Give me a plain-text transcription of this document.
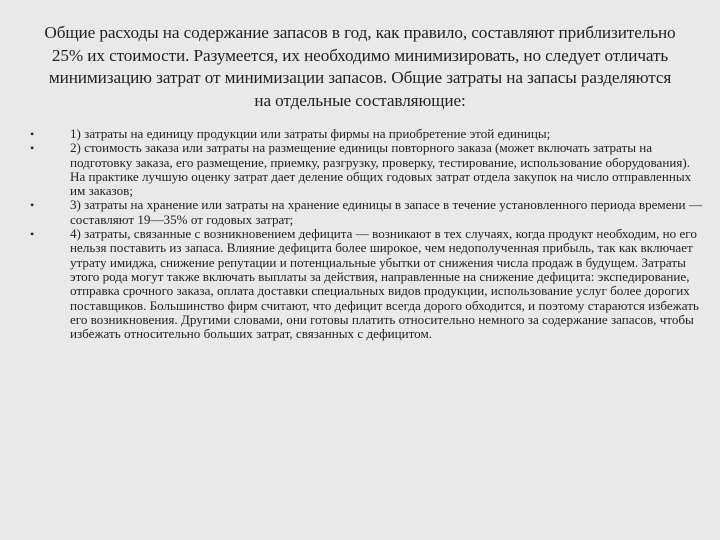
Общие расходы на содержание запасов в год, как правило, составляют приблизительно 25% их стоимости. Разумеется, их необходимо минимизировать, но следует отличать минимизацию затрат от минимизации запасов. Общие затраты на запасы разделяются на отдельные составляющие:

•	1) затраты на единицу продукции или затраты фирмы на приобретение этой единицы;
•	2) стоимость заказа или затраты на размещение единицы повторного заказа (может включать затраты на подготовку заказа, его размещение, приемку, разгрузку, проверку, тестирование, использование оборудования). На практике лучшую оценку затрат дает деление общих годовых затрат отдела закупок на число отправленных им заказов;
•	3) затраты на хранение или затраты на хранение единицы в запасе в течение установленного периода времени — составляют 19—35% от годовых затрат;
•	4) затраты, связанные с возникновением дефицита — возникают в тех случаях, когда продукт необходим, но его нельзя поставить из запаса. Влияние дефицита более широкое, чем недополученная прибыль, так как включает утрату имиджа, снижение репутации и потенциальные убытки от снижения числа продаж в будущем. Затраты этого рода могут также включать выплаты за действия, направленные на снижение дефицита: экспедирование, отправка срочного заказа, оплата доставки специальных видов продукции, использование услуг более дорогих поставщиков. Большинство фирм считают, что дефицит всегда дорого обходится, и поэтому стараются избежать его возникновения. Другими словами, они готовы платить относительно немного за содержание запасов, чтобы избежать относительно больших затрат, связанных с дефицитом.
